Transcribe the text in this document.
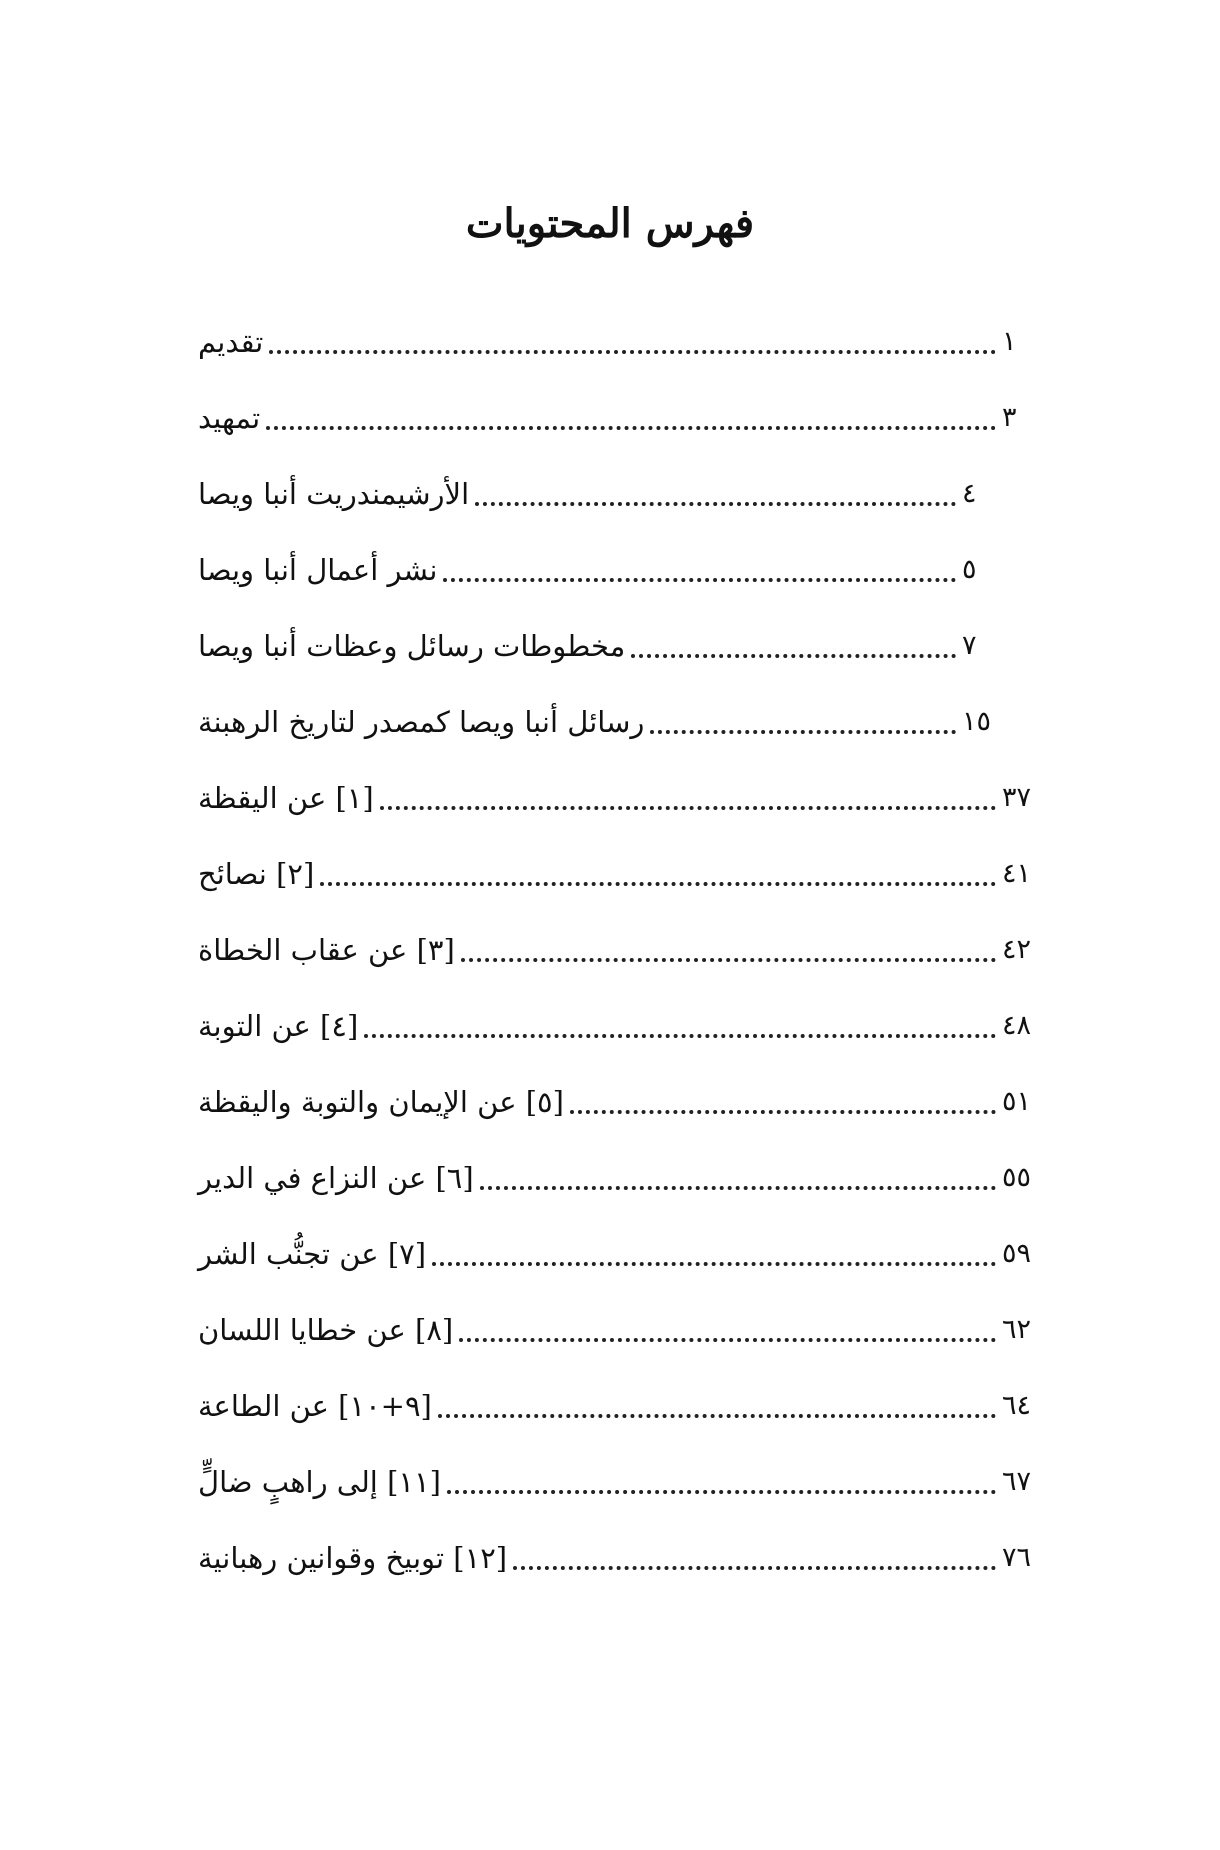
فهرس المحتويات
تقديم	١
تمهيد	٣
الأرشيمندريت أنبا ويصا	٤
نشر أعمال أنبا ويصا	٥
مخطوطات رسائل وعظات أنبا ويصا	٧
رسائل أنبا ويصا كمصدر لتاريخ الرهبنة	١٥
[١] عن اليقظة	٣٧
[٢] نصائح	٤١
[٣] عن عقاب الخطاة	٤٢
[٤] عن التوبة	٤٨
[٥] عن الإيمان والتوبة واليقظة	٥١
[٦] عن النزاع في الدير	٥٥
[٧] عن تجنُّب الشر	٥٩
[٨] عن خطايا اللسان	٦٢
[٩+١٠] عن الطاعة	٦٤
[١١] إلى راهبٍ ضالٍّ	٦٧
[١٢] توبيخ وقوانين رهبانية	٧٦
